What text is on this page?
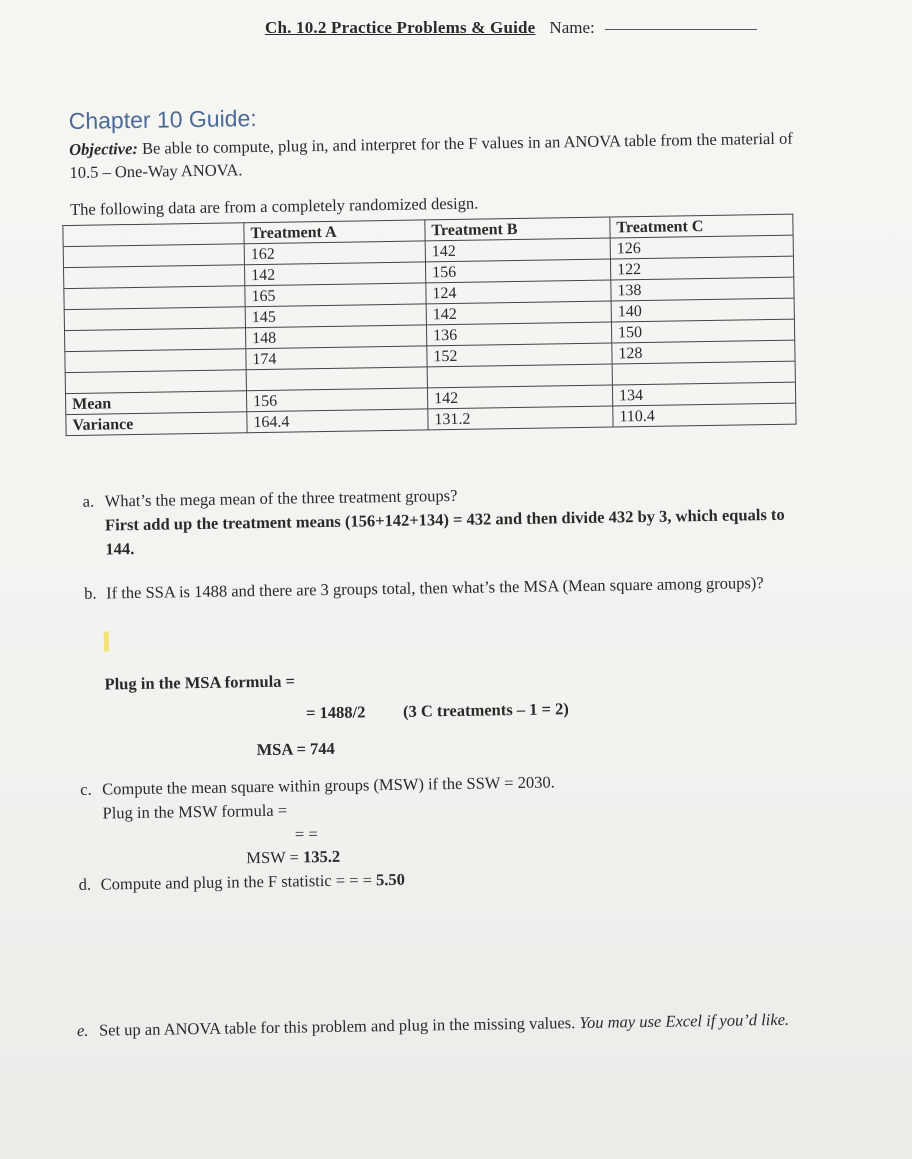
Ch. 10.2 Practice Problems & Guide Name:
Chapter 10 Guide:
Objective: Be able to compute, plug in, and interpret for the F values in an ANOVA table from the material of 10.5 – One-Way ANOVA.
The following data are from a completely randomized design.
	Treatment A	Treatment B	Treatment C
	162	142	126
	142	156	122
	165	124	138
	145	142	140
	148	136	150
	174	152	128

Mean	156	142	134
Variance	164.4	131.2	110.4
a. What’s the mega mean of the three treatment groups?
First add up the treatment means (156+142+134) = 432 and then divide 432 by 3, which equals to 144.
b. If the SSA is 1488 and there are 3 groups total, then what’s the MSA (Mean square among groups)?
Plug in the MSA formula =
= 1488/2 (3 C treatments – 1 = 2)
MSA = 744
c. Compute the mean square within groups (MSW) if the SSW = 2030.
Plug in the MSW formula =
= =
MSW = 135.2
d. Compute and plug in the F statistic = = = 5.50
e. Set up an ANOVA table for this problem and plug in the missing values. You may use Excel if you’d like.
